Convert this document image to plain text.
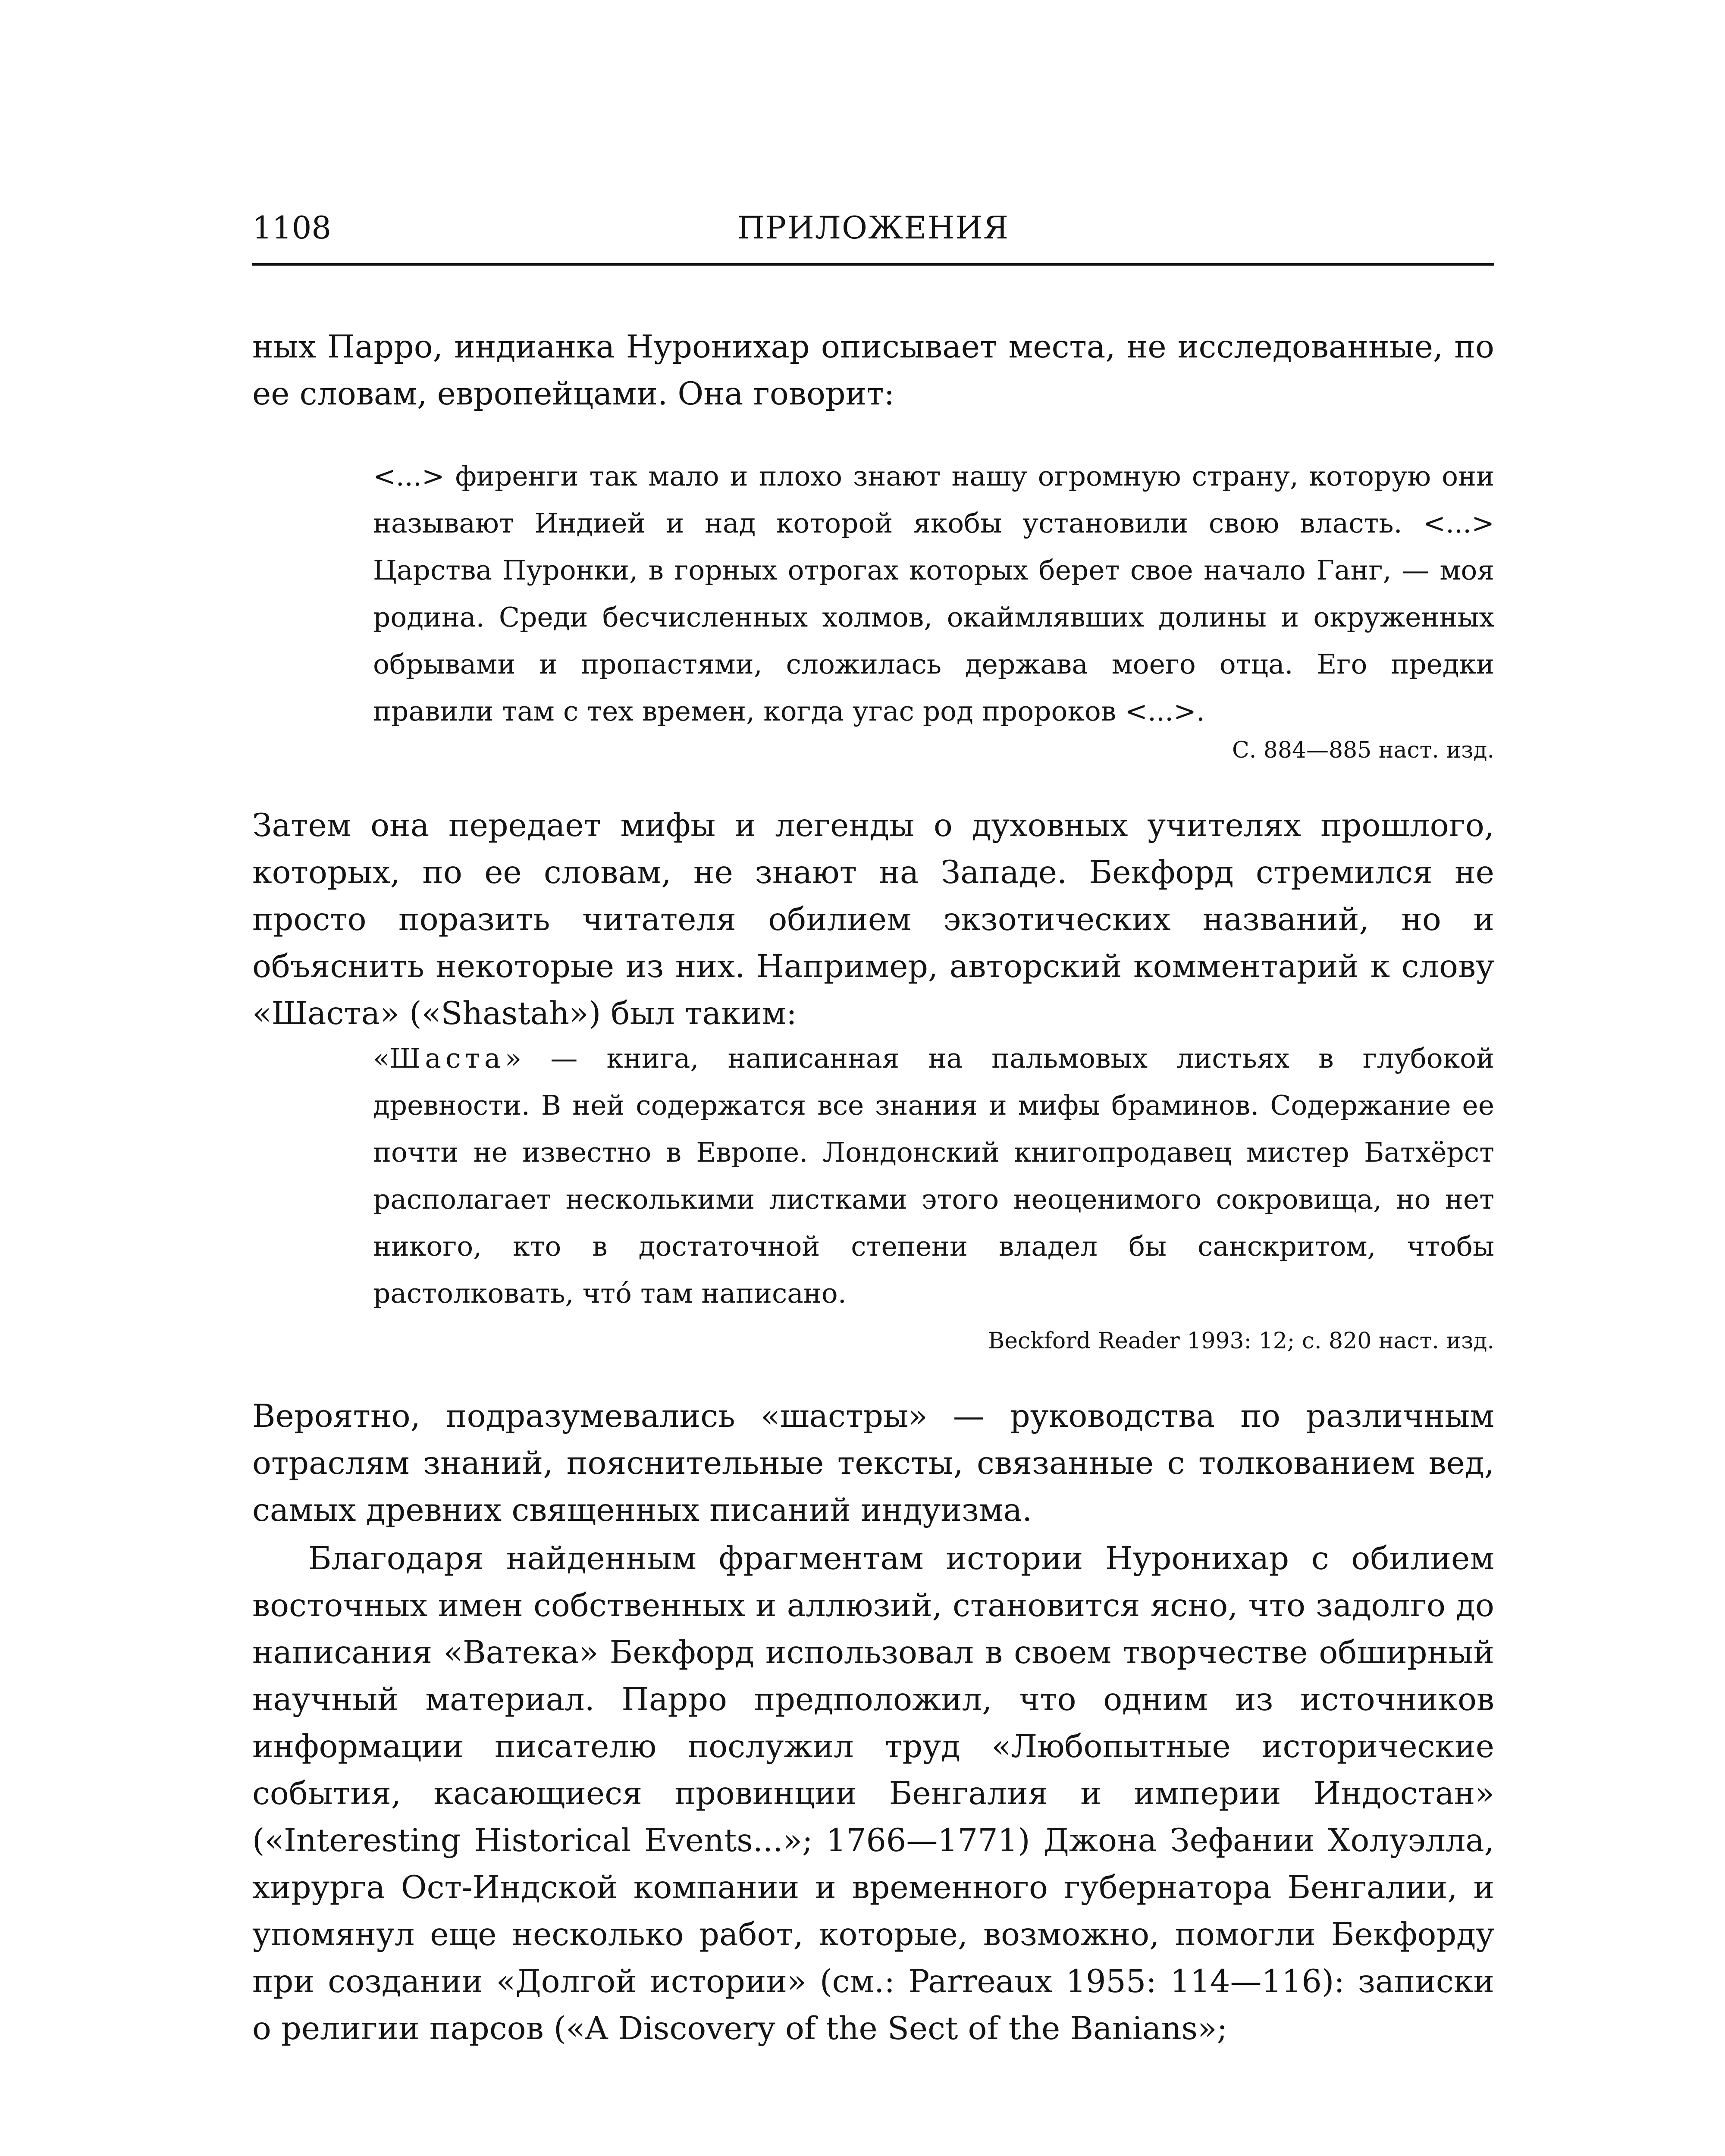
1108	ПРИЛОЖЕНИЯ

ных Парро, индианка Нуронихар описывает места, не исследованные, по ее словам, европейцами. Она говорит:

<...> фиренги так мало и плохо знают нашу огромную страну, которую они называют Индией и над которой якобы установили свою власть. <...> Царства Пуронки, в горных отрогах которых берет свое начало Ганг, — моя родина. Среди бесчисленных холмов, окаймлявших долины и окруженных обрывами и пропастями, сложилась держава моего отца. Его предки правили там с тех времен, когда угас род пророков <...>.

С. 884—885 наст. изд.

Затем она передает мифы и легенды о духовных учителях прошлого, которых, по ее словам, не знают на Западе. Бекфорд стремился не просто поразить читателя обилием экзотических названий, но и объяснить некоторые из них. Например, авторский комментарий к слову «Шаста» («Shastah») был таким:

«Шаста» — книга, написанная на пальмовых листьях в глубокой древности. В ней содержатся все знания и мифы браминов. Содержание ее почти не известно в Европе. Лондонский книгопродавец мистер Батхёрст располагает несколькими листками этого неоценимого сокровища, но нет никого, кто в достаточной степени владел бы санскритом, чтобы растолковать, что́ там написано.

Beckford Reader 1993: 12; с. 820 наст. изд.

Вероятно, подразумевались «шастры» — руководства по различным отраслям знаний, пояснительные тексты, связанные с толкованием вед, самых древних священных писаний индуизма.

Благодаря найденным фрагментам истории Нуронихар с обилием восточных имен собственных и аллюзий, становится ясно, что задолго до написания «Ватека» Бекфорд использовал в своем творчестве обширный научный материал. Парро предположил, что одним из источников информации писателю послужил труд «Любопытные исторические события, касающиеся провинции Бенгалия и империи Индостан» («Interesting Historical Events...»; 1766—1771) Джона Зефании Холуэлла, хирурга Ост-Индской компании и временного губернатора Бенгалии, и упомянул еще несколько работ, которые, возможно, помогли Бекфорду при создании «Долгой истории» (см.: Parreaux 1955: 114—116): записки о религии парсов («A Discovery of the Sect of the Banians»;
